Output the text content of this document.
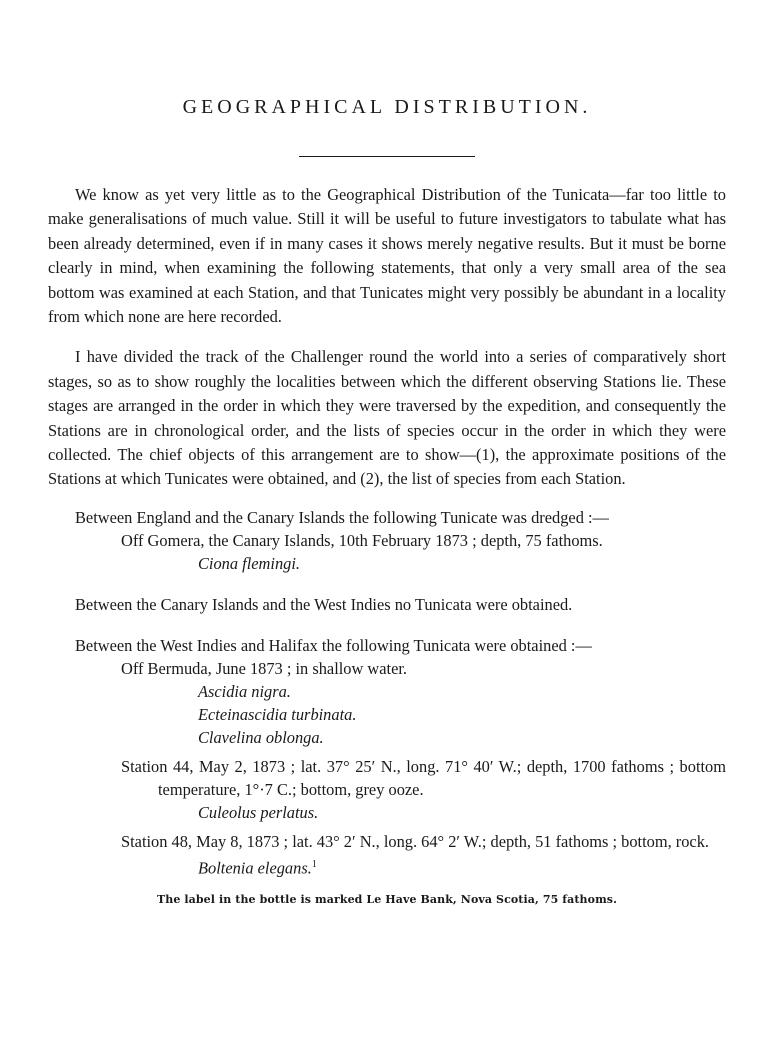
GEOGRAPHICAL DISTRIBUTION.

We know as yet very little as to the Geographical Distribution of the Tunicata—far too little to make generalisations of much value. Still it will be useful to future investigators to tabulate what has been already determined, even if in many cases it shows merely negative results. But it must be borne clearly in mind, when examining the following statements, that only a very small area of the sea bottom was examined at each Station, and that Tunicates might very possibly be abundant in a locality from which none are here recorded.

I have divided the track of the Challenger round the world into a series of comparatively short stages, so as to show roughly the localities between which the different observing Stations lie. These stages are arranged in the order in which they were traversed by the expedition, and consequently the Stations are in chronological order, and the lists of species occur in the order in which they were collected. The chief objects of this arrangement are to show—(1), the approximate positions of the Stations at which Tunicates were obtained, and (2), the list of species from each Station.

Between England and the Canary Islands the following Tunicate was dredged :—

Off Gomera, the Canary Islands, 10th February 1873 ; depth, 75 fathoms.

Ciona flemingi.

Between the Canary Islands and the West Indies no Tunicata were obtained.

Between the West Indies and Halifax the following Tunicata were obtained :—

Off Bermuda, June 1873 ; in shallow water.

Ascidia nigra.

Ecteinascidia turbinata.

Clavelina oblonga.

Station 44, May 2, 1873 ; lat. 37° 25′ N., long. 71° 40′ W.; depth, 1700 fathoms ; bottom temperature, 1°·7 C.; bottom, grey ooze.

Culeolus perlatus.

Station 48, May 8, 1873 ; lat. 43° 2′ N., long. 64° 2′ W.; depth, 51 fathoms ; bottom, rock.

Boltenia elegans.$^1$

The label in the bottle is marked Le Have Bank, Nova Scotia, 75 fathoms.
